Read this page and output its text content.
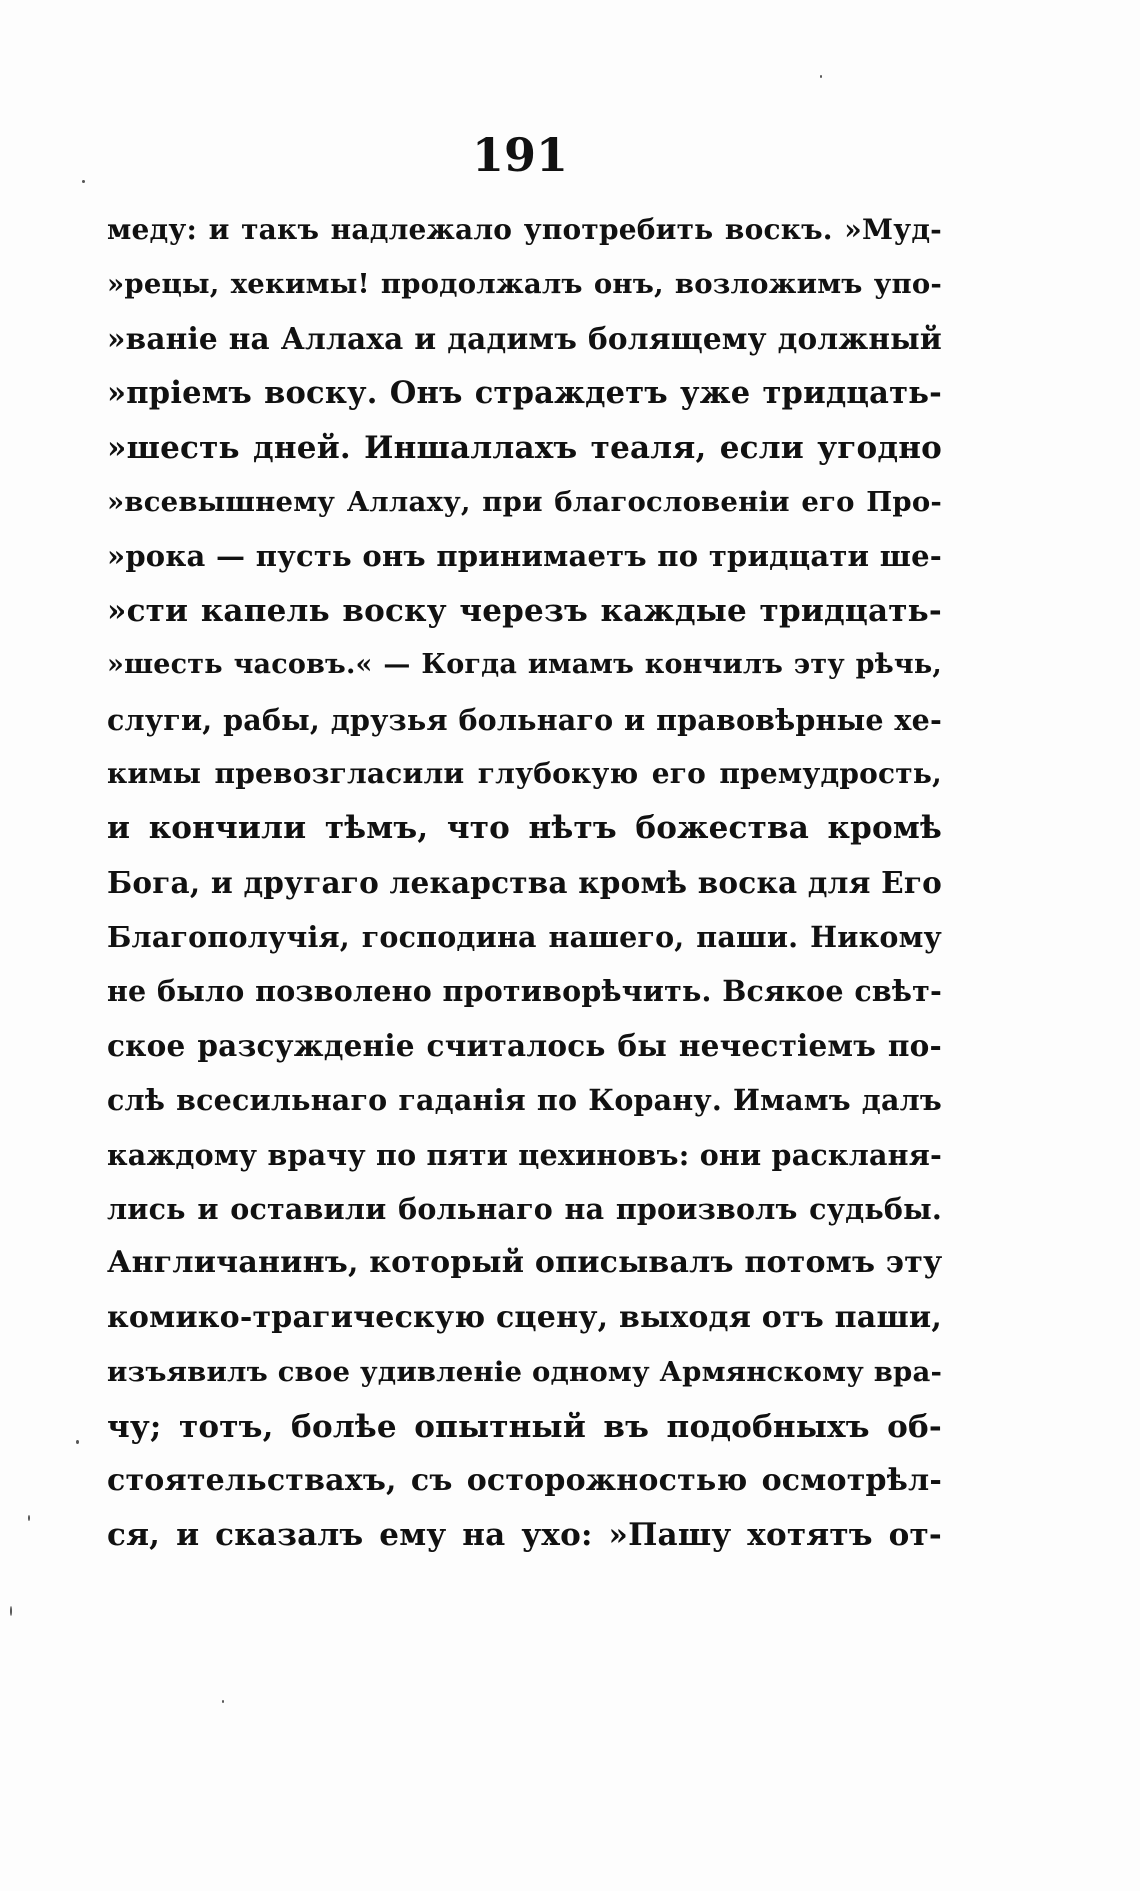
191
меду: и такъ надлежало употребить воскъ. »Муд-
»рецы, хекимы! продолжалъ онъ, возложимъ упо-
»ванiе на Аллаха и дадимъ болящему должный
»прiемъ воску. Онъ страждетъ уже тридцать-
»шесть дней. Иншаллахъ теаля, если угодно
»всевышнему Аллаху, при благословенiи его Про-
»рока — пусть онъ принимаетъ по тридцати ше-
»сти капель воску черезъ каждые тридцать-
»шесть часовъ.« — Когда имамъ кончилъ эту рѣчь,
слуги, рабы, друзья больнаго и правовѣрные хе-
кимы превозгласили глубокую его премудрость,
и кончили тѣмъ, что нѣтъ божества кромѣ
Бога, и другаго лекарства кромѣ воска для Его
Благополучiя, господина нашего, паши. Никому
не было позволено противорѣчить. Всякое свѣт-
ское разсужденiе считалось бы нечестiемъ по-
слѣ всесильнаго гаданiя по Корану. Имамъ далъ
каждому врачу по пяти цехиновъ: они раскланя-
лись и оставили больнаго на произволъ судьбы.
Англичанинъ, который описывалъ потомъ эту
комико-трагическую сцену, выходя отъ паши,
изъявилъ свое удивленiе одному Армянскому вра-
чу; тотъ, болѣе опытный въ подобныхъ об-
стоятельствахъ, съ осторожностью осмотрѣл-
ся, и сказалъ ему на ухо: »Пашу хотятъ от-
